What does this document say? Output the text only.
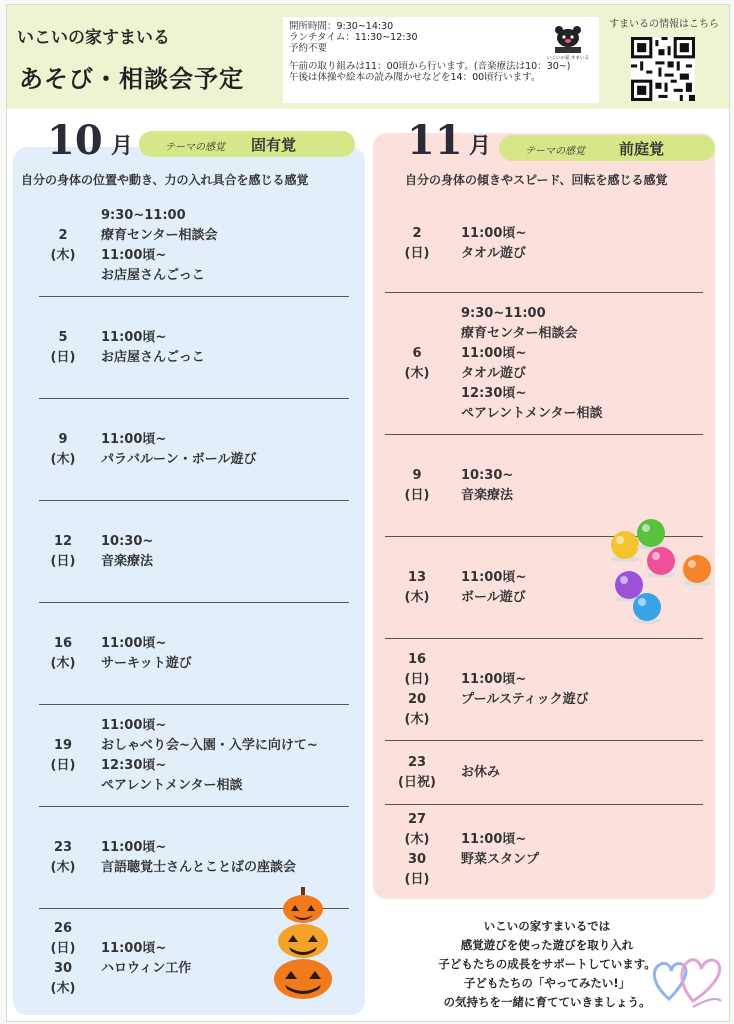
いこいの家すまいる
あそび・相談会予定
開所時間：9:30~14:30
ランチタイム：11:30~12:30
予約不要
午前の取り組みは11：00頃から行います。(音楽療法は10：30~)
午後は体操や絵本の読み聞かせなどを14：00頃行います。
いこいの家 すまいる
すまいるの情報はこちら
10 月	テーマの感覚 固有覚
自分の身体の位置や動き、力の入れ具合を感じる感覚
2
(木)
9:30~11:00
療育センター相談会
11:00頃~
お店屋さんごっこ
5
(日)
11:00頃~
お店屋さんごっこ
9
(木)
11:00頃~
パラバルーン・ボール遊び
12
(日)
10:30~
音楽療法
16
(木)
11:00頃~
サーキット遊び
19
(日)
11:00頃~
おしゃべり会~入園・入学に向けて~
12:30頃~
ペアレントメンター相談
23
(木)
11:00頃~
言語聴覚士さんとことばの座談会
26
(日)
30
(木)
11:00頃~
ハロウィン工作
11 月	テーマの感覚 前庭覚
自分の身体の傾きやスピード、回転を感じる感覚
2
(日)
11:00頃~
タオル遊び
6
(木)
9:30~11:00
療育センター相談会
11:00頃~
タオル遊び
12:30頃~
ペアレントメンター相談
9
(日)
10:30~
音楽療法
13
(木)
11:00頃~
ボール遊び
16
(日)
20
(木)
11:00頃~
プールスティック遊び
23
(日祝)
お休み
27
(木)
30
(日)
11:00頃~
野菜スタンプ
いこいの家すまいるでは
感覚遊びを使った遊びを取り入れ
子どもたちの成長をサポートしています。
子どもたちの「やってみたい!」
の気持ちを一緒に育てていきましょう。
